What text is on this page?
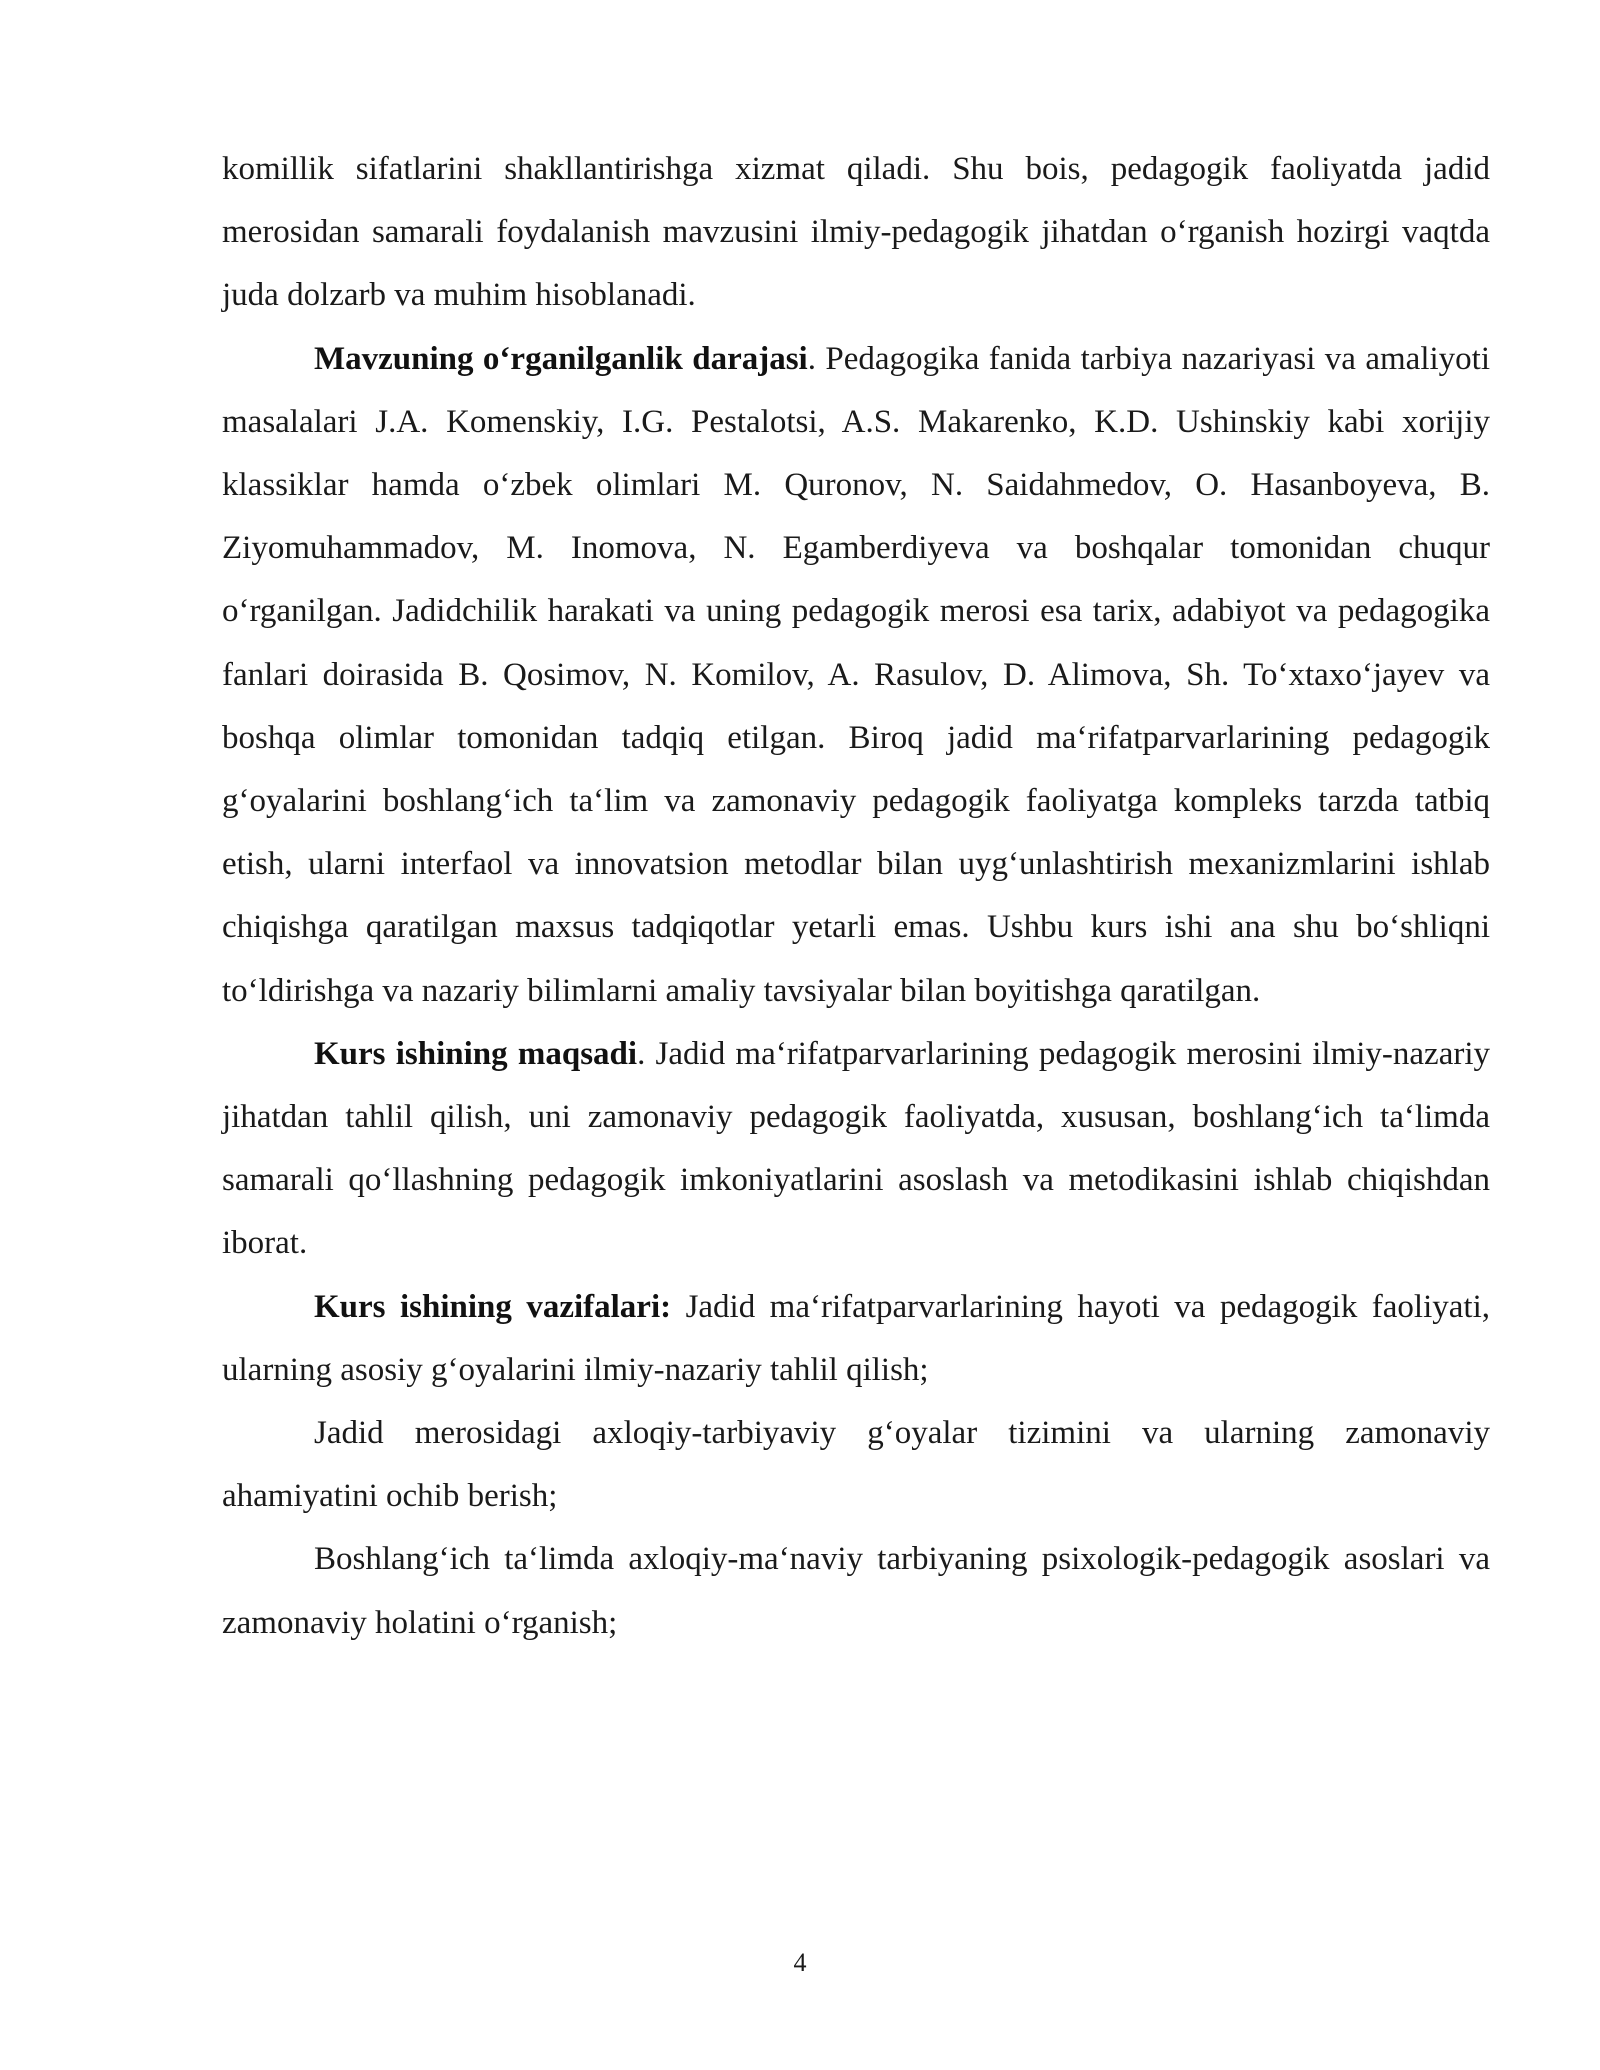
komillik sifatlarini shakllantirishga xizmat qiladi. Shu bois, pedagogik faoliyatda jadid merosidan samarali foydalanish mavzusini ilmiy-pedagogik jihatdan o‘rganish hozirgi vaqtda juda dolzarb va muhim hisoblanadi.

Mavzuning o‘rganilganlik darajasi. Pedagogika fanida tarbiya nazariyasi va amaliyoti masalalari J.A. Komenskiy, I.G. Pestalotsi, A.S. Makarenko, K.D. Ushinskiy kabi xorijiy klassiklar hamda o‘zbek olimlari M. Quronov, N. Saidahmedov, O. Hasanboyeva, B. Ziyomuhammadov, M. Inomova, N. Egamberdiyeva va boshqalar tomonidan chuqur o‘rganilgan. Jadidchilik harakati va uning pedagogik merosi esa tarix, adabiyot va pedagogika fanlari doirasida B. Qosimov, N. Komilov, A. Rasulov, D. Alimova, Sh. To‘xtaxo‘jayev va boshqa olimlar tomonidan tadqiq etilgan. Biroq jadid ma‘rifatparvarlarining pedagogik g‘oyalarini boshlang‘ich ta‘lim va zamonaviy pedagogik faoliyatga kompleks tarzda tatbiq etish, ularni interfaol va innovatsion metodlar bilan uyg‘unlashtirish mexanizmlarini ishlab chiqishga qaratilgan maxsus tadqiqotlar yetarli emas. Ushbu kurs ishi ana shu bo‘shliqni to‘ldirishga va nazariy bilimlarni amaliy tavsiyalar bilan boyitishga qaratilgan.

Kurs ishining maqsadi. Jadid ma‘rifatparvarlarining pedagogik merosini ilmiy-nazariy jihatdan tahlil qilish, uni zamonaviy pedagogik faoliyatda, xususan, boshlang‘ich ta‘limda samarali qo‘llashning pedagogik imkoniyatlarini asoslash va metodikasini ishlab chiqishdan iborat.

Kurs ishining vazifalari: Jadid ma‘rifatparvarlarining hayoti va pedagogik faoliyati, ularning asosiy g‘oyalarini ilmiy-nazariy tahlil qilish;

Jadid merosidagi axloqiy-tarbiyaviy g‘oyalar tizimini va ularning zamonaviy ahamiyatini ochib berish;

Boshlang‘ich ta‘limda axloqiy-ma‘naviy tarbiyaning psixologik-pedagogik asoslari va zamonaviy holatini o‘rganish;

4
